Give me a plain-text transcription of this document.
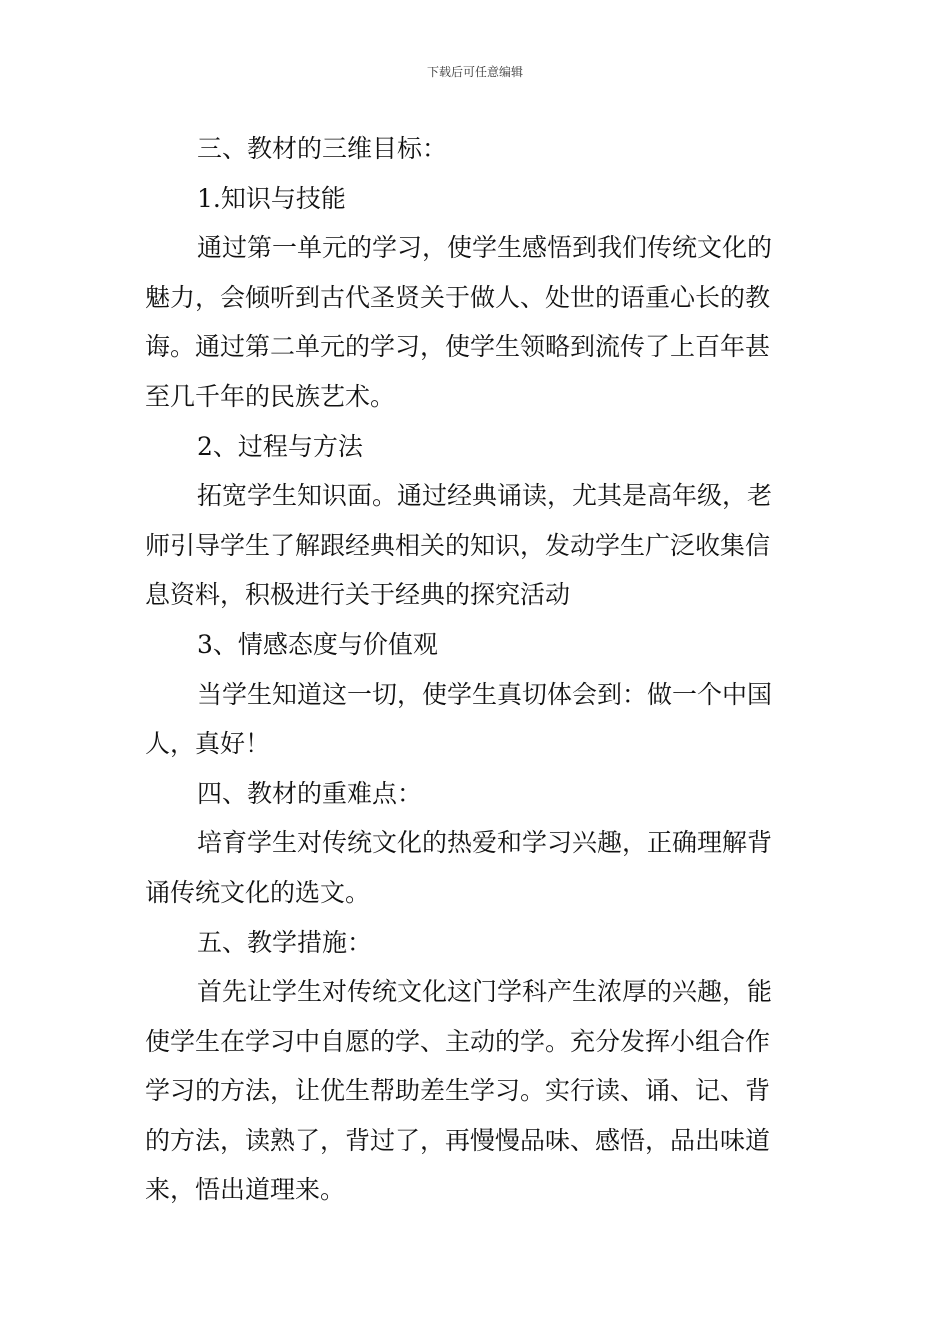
下载后可任意编辑
三、教材的三维目标：
1.知识与技能
通过第一单元的学习，使学生感悟到我们传统文化的
魅力，会倾听到古代圣贤关于做人、处世的语重心长的教
诲。通过第二单元的学习，使学生领略到流传了上百年甚
至几千年的民族艺术。
2、过程与方法
拓宽学生知识面。通过经典诵读，尤其是高年级，老
师引导学生了解跟经典相关的知识，发动学生广泛收集信
息资料，积极进行关于经典的探究活动
3、情感态度与价值观
当学生知道这一切，使学生真切体会到：做一个中国
人，真好！
四、教材的重难点：
培育学生对传统文化的热爱和学习兴趣，正确理解背
诵传统文化的选文。
五、教学措施：
首先让学生对传统文化这门学科产生浓厚的兴趣，能
使学生在学习中自愿的学、主动的学。充分发挥小组合作
学习的方法，让优生帮助差生学习。实行读、诵、记、背
的方法，读熟了，背过了，再慢慢品味、感悟，品出味道
来，悟出道理来。
